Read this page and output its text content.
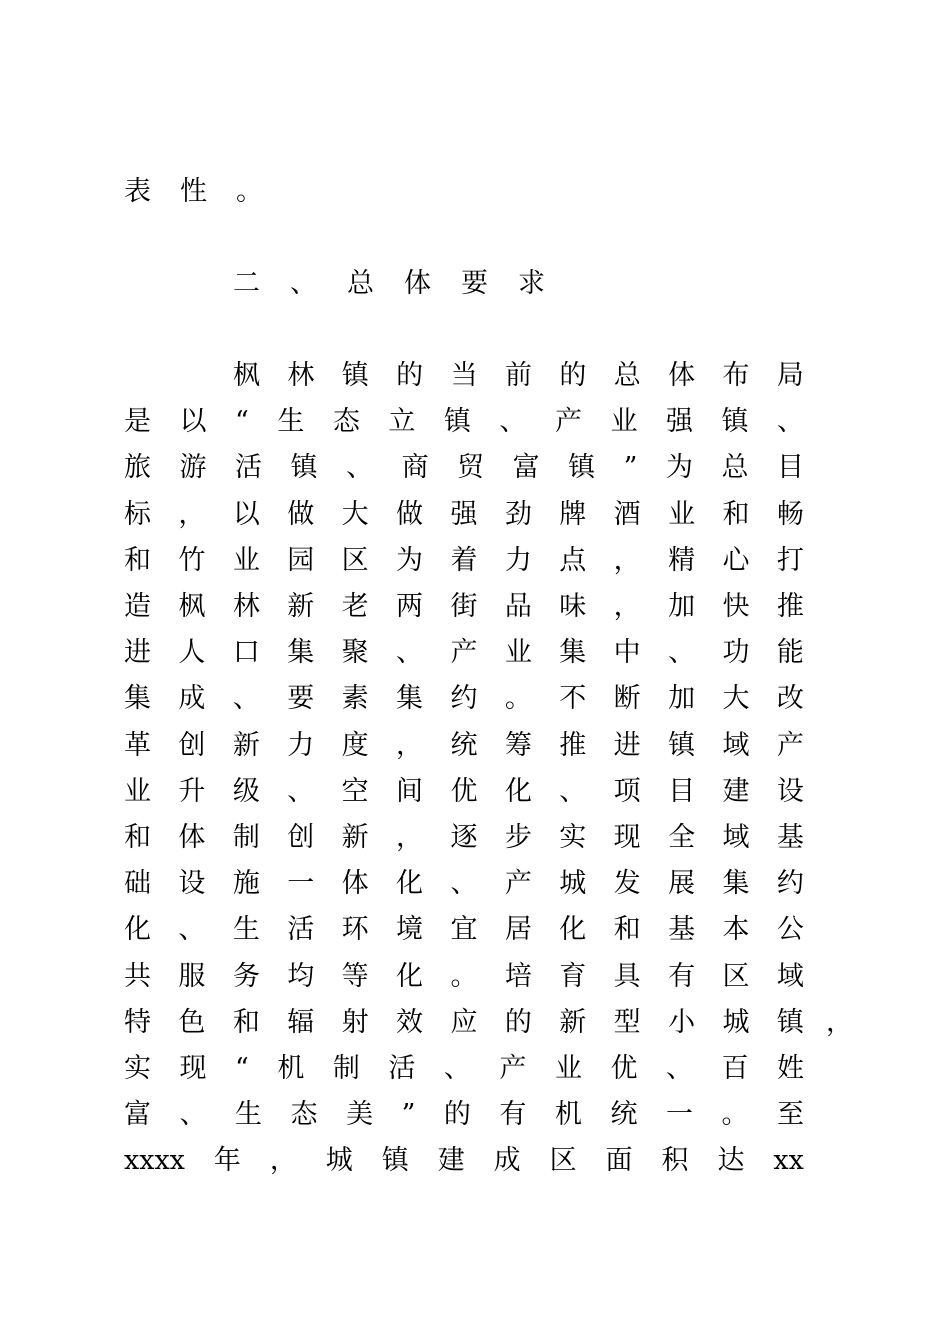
表 性 。
二 、 总 体 要 求
枫 林 镇 的 当 前 的 总 体 布 局
是 以 “ 生 态 立 镇 、 产 业 强 镇 、
旅 游 活 镇 、 商 贸 富 镇 ” 为 总 目
标 ， 以 做 大 做 强 劲 牌 酒 业 和 畅
和 竹 业 园 区 为 着 力 点 ， 精 心 打
造 枫 林 新 老 两 街 品 味 ， 加 快 推
进 人 口 集 聚 、 产 业 集 中 、 功 能
集 成 、 要 素 集 约 。 不 断 加 大 改
革 创 新 力 度 ， 统 筹 推 进 镇 域 产
业 升 级 、 空 间 优 化 、 项 目 建 设
和 体 制 创 新 ， 逐 步 实 现 全 域 基
础 设 施 一 体 化 、 产 城 发 展 集 约
化 、 生 活 环 境 宜 居 化 和 基 本 公
共 服 务 均 等 化 。 培 育 具 有 区 域
特 色 和 辐 射 效 应 的 新 型 小 城 镇
实 现 “ 机 制 活 、 产 业 优 、 百 姓
富 、 生 态 美 ” 的 有 机 统 一 。 至
xxxx 年 ， 城 镇 建 成 区 面 积 达 xx
，
